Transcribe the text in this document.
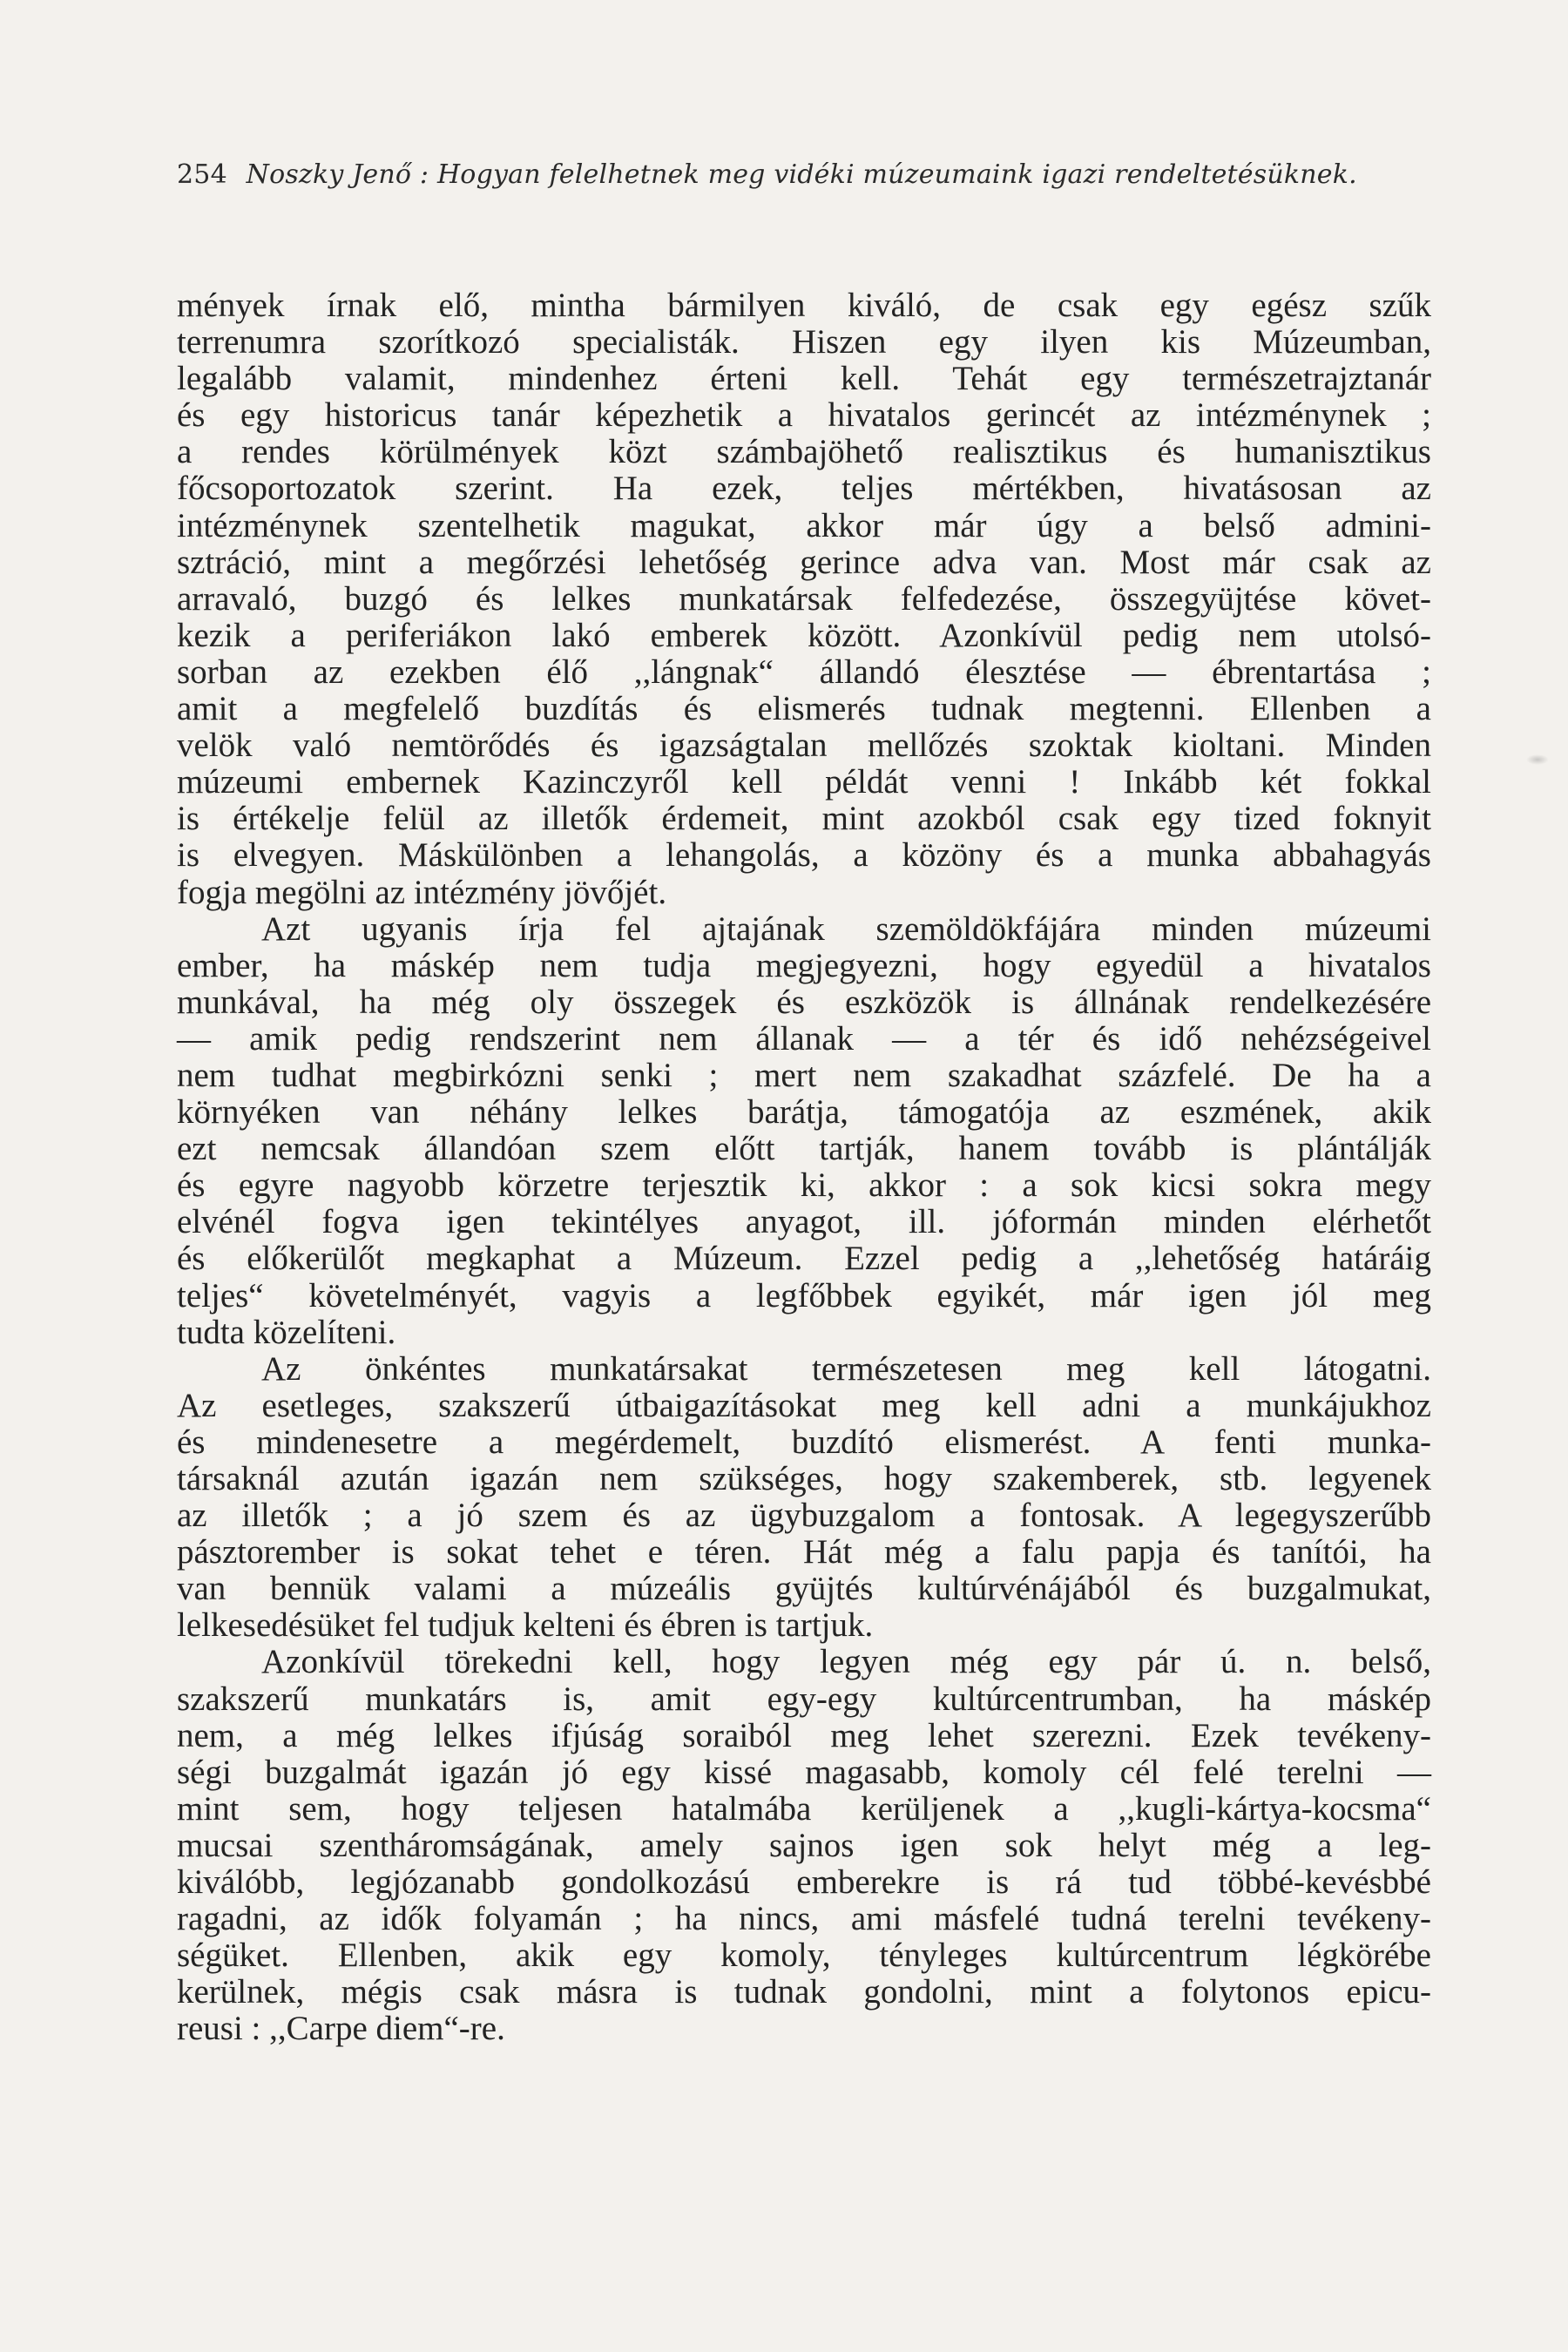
254 Noszky Jenő : Hogyan felelhetnek meg vidéki múzeumaink igazi rendeltetésüknek.
mények írnak elő, mintha bármilyen kiváló, de csak egy egész szűk
terrenumra szorítkozó specialisták. Hiszen egy ilyen kis Múzeumban,
legalább valamit, mindenhez érteni kell. Tehát egy természetrajztanár
és egy historicus tanár képezhetik a hivatalos gerincét az intézménynek ;
a rendes körülmények közt számbajöhető realisztikus és humanisztikus
főcsoportozatok szerint. Ha ezek, teljes mértékben, hivatásosan az
intézménynek szentelhetik magukat, akkor már úgy a belső admini-
sztráció, mint a megőrzési lehetőség gerince adva van. Most már csak az
arravaló, buzgó és lelkes munkatársak felfedezése, összegyüjtése követ-
kezik a periferiákon lakó emberek között. Azonkívül pedig nem utolsó-
sorban az ezekben élő ,,lángnak“ állandó élesztése — ébrentartása ;
amit a megfelelő buzdítás és elismerés tudnak megtenni. Ellenben a
velök való nemtörődés és igazságtalan mellőzés szoktak kioltani. Minden
múzeumi embernek Kazinczyről kell példát venni ! Inkább két fokkal
is értékelje felül az illetők érdemeit, mint azokból csak egy tized foknyit
is elvegyen. Máskülönben a lehangolás, a közöny és a munka abbahagyás
fogja megölni az intézmény jövőjét.
Azt ugyanis írja fel ajtajának szemöldökfájára minden múzeumi
ember, ha máskép nem tudja megjegyezni, hogy egyedül a hivatalos
munkával, ha még oly összegek és eszközök is állnának rendelkezésére
— amik pedig rendszerint nem állanak — a tér és idő nehézségeivel
nem tudhat megbirkózni senki ; mert nem szakadhat százfelé. De ha a
környéken van néhány lelkes barátja, támogatója az eszmének, akik
ezt nemcsak állandóan szem előtt tartják, hanem tovább is plántálják
és egyre nagyobb körzetre terjesztik ki, akkor : a sok kicsi sokra megy
elvénél fogva igen tekintélyes anyagot, ill. jóformán minden elérhetőt
és előkerülőt megkaphat a Múzeum. Ezzel pedig a ,,lehetőség határáig
teljes“ követelményét, vagyis a legfőbbek egyikét, már igen jól meg
tudta közelíteni.
Az önkéntes munkatársakat természetesen meg kell látogatni.
Az esetleges, szakszerű útbaigazításokat meg kell adni a munkájukhoz
és mindenesetre a megérdemelt, buzdító elismerést. A fenti munka-
társaknál azután igazán nem szükséges, hogy szakemberek, stb. legyenek
az illetők ; a jó szem és az ügybuzgalom a fontosak. A legegyszerűbb
pásztorember is sokat tehet e téren. Hát még a falu papja és tanítói, ha
van bennük valami a múzeális gyüjtés kultúrvénájából és buzgalmukat,
lelkesedésüket fel tudjuk kelteni és ébren is tartjuk.
Azonkívül törekedni kell, hogy legyen még egy pár ú. n. belső,
szakszerű munkatárs is, amit egy-egy kultúrcentrumban, ha máskép
nem, a még lelkes ifjúság soraiból meg lehet szerezni. Ezek tevékeny-
ségi buzgalmát igazán jó egy kissé magasabb, komoly cél felé terelni —
mint sem, hogy teljesen hatalmába kerüljenek a ,,kugli-kártya-kocsma“
mucsai szentháromságának, amely sajnos igen sok helyt még a leg-
kiválóbb, legjózanabb gondolkozású emberekre is rá tud többé-kevésbbé
ragadni, az idők folyamán ; ha nincs, ami másfelé tudná terelni tevékeny-
ségüket. Ellenben, akik egy komoly, tényleges kultúrcentrum légkörébe
kerülnek, mégis csak másra is tudnak gondolni, mint a folytonos epicu-
reusi : ,,Carpe diem“-re.
